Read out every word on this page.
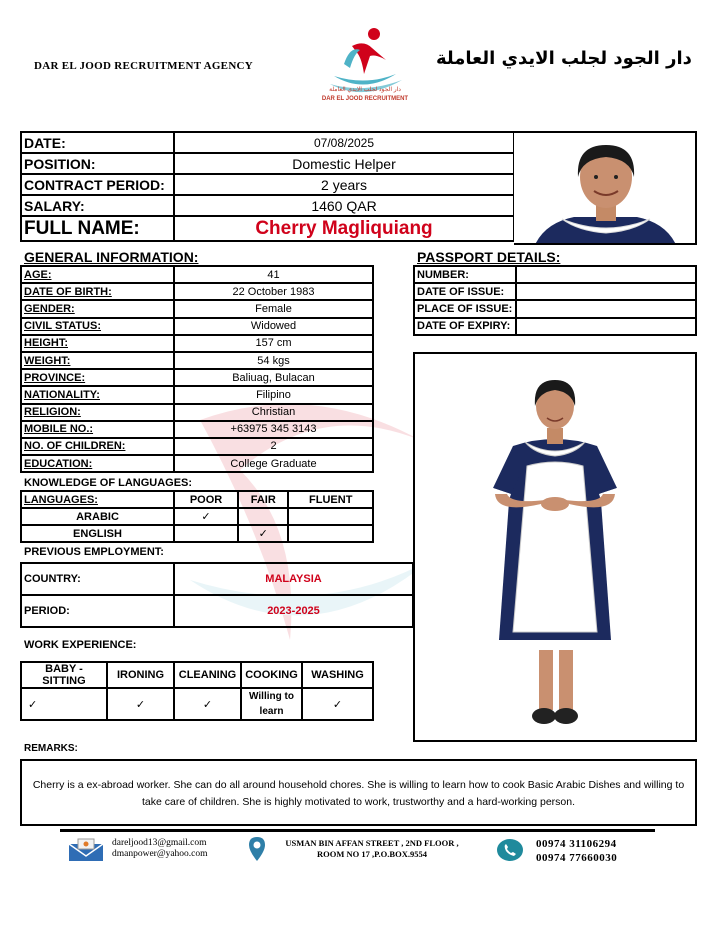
DAR EL JOOD RECRUITMENT AGENCY
دار الجود لجلب الايدي العاملة
DAR EL JOOD RECRUITMENT
دار الجود لجلب الايدي العاملة
DATE:	07/08/2025
POSITION:	Domestic Helper
CONTRACT PERIOD:	2 years
SALARY:	1460 QAR
FULL NAME:	Cherry Magliquiang
GENERAL INFORMATION:	PASSPORT DETAILS:
AGE:	41
DATE OF BIRTH:	22 October 1983
GENDER:	Female
CIVIL STATUS:	Widowed
HEIGHT:	157 cm
WEIGHT:	54 kgs
PROVINCE:	Baliuag, Bulacan
NATIONALITY:	Filipino
RELIGION:	Christian
MOBILE NO.:	+63975 345 3143
NO. OF CHILDREN:	2
EDUCATION:	College Graduate
NUMBER:	
DATE OF ISSUE:	
PLACE OF ISSUE:	
DATE OF EXPIRY:	
KNOWLEDGE OF LANGUAGES:
LANGUAGES:	POOR	FAIR	FLUENT
ARABIC	✓		
ENGLISH		✓	
PREVIOUS EMPLOYMENT:
COUNTRY:	MALAYSIA
PERIOD:	2023-2025
WORK EXPERIENCE:
BABY - SITTING	IRONING	CLEANING	COOKING	WASHING
✓	✓	✓	Willing to learn	✓
REMARKS:
Cherry is a ex-abroad worker. She can do all around household chores. She is willing to learn how to cook Basic Arabic Dishes and willing to take care of children. She is highly motivated to work, trustworthy and a hard-working person.
dareljood13@gmail.com
dmanpower@yahoo.com
USMAN BIN AFFAN STREET , 2ND FLOOR ,
ROOM NO 17 ,P.O.BOX.9554
00974 31106294
00974 77660030
